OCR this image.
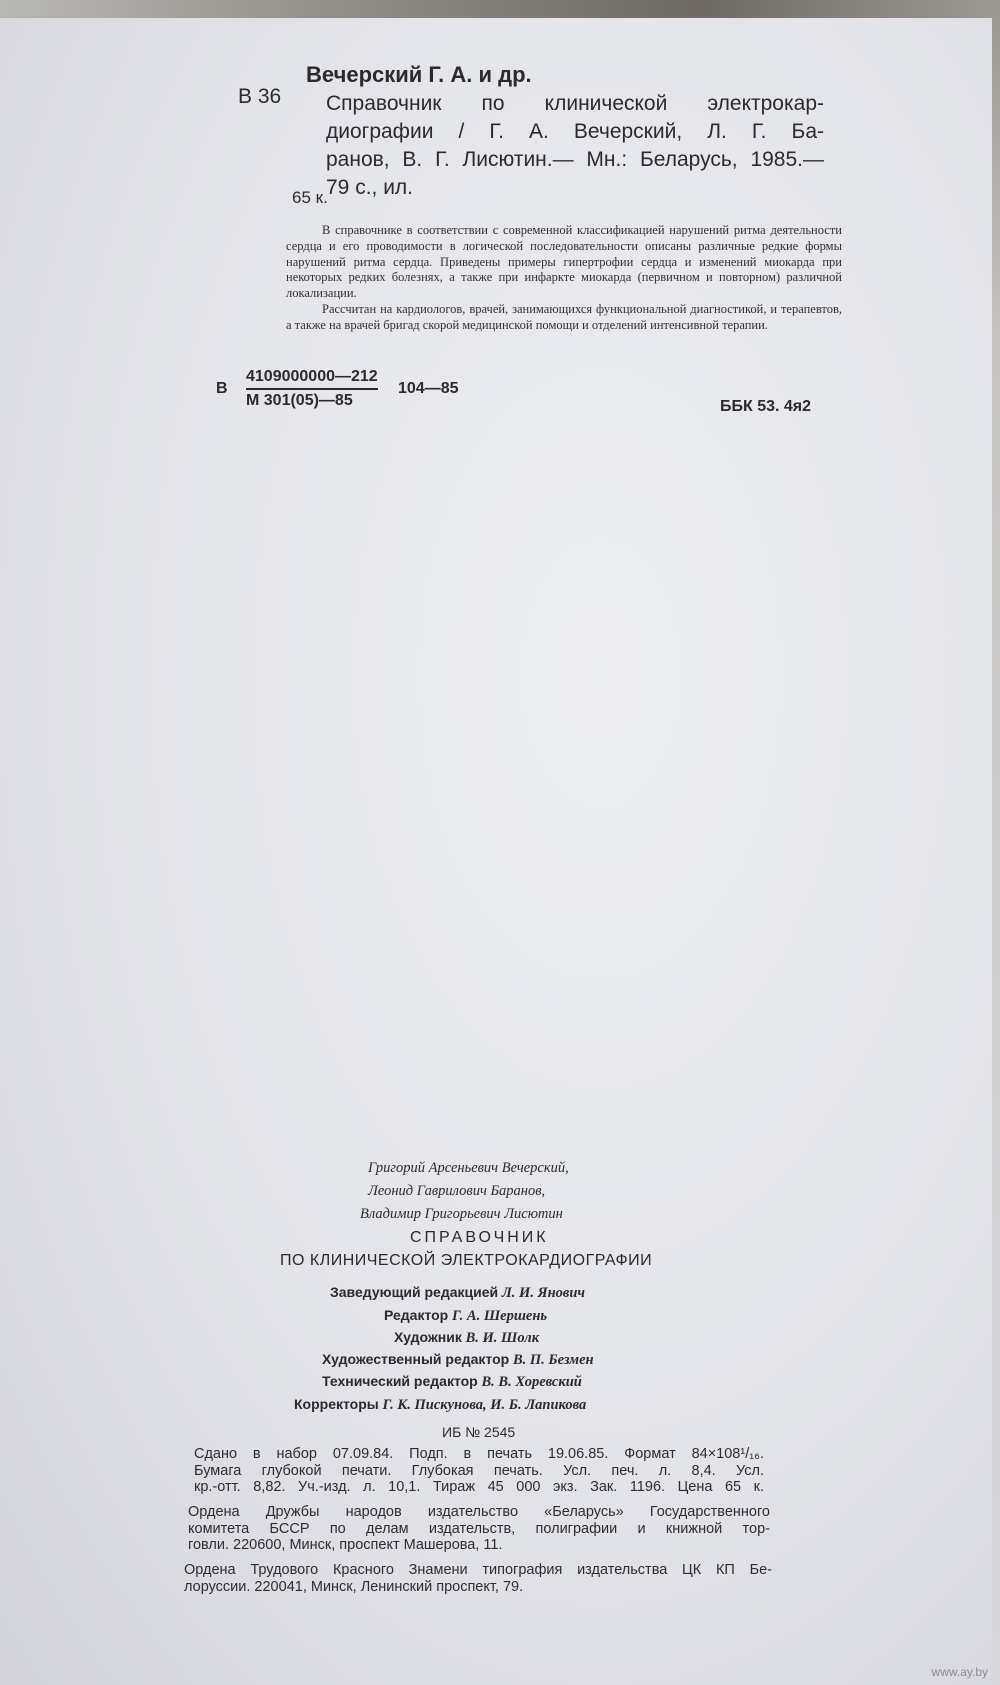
Вечерский Г. А. и др.
В 36 Справочник по клинической электрокар-
диографии / Г. А. Вечерский, Л. Г. Ба-
ранов, В. Г. Лисютин.— Мн.: Беларусь, 1985.—
79 с., ил.
65 к.

В справочнике в соответствии с современной классификацией нарушений ритма деятельности сердца и его проводимости в логической последовательности описаны различные редкие формы нарушений ритма сердца. Приведены примеры гипертрофии сердца и изменений миокарда при некоторых редких болезнях, а также при инфаркте миокарда (первичном и повторном) различной локализации.

Рассчитан на кардиологов, врачей, занимающихся функциональной диагностикой, и терапевтов, а также на врачей бригад скорой медицинской помощи и отделений интенсивной терапии.

В
4109000000—212
М 301(05)—85
104—85
ББК 53. 4я2
Григорий Арсеньевич Вечерский,
Леонид Гаврилович Баранов,
Владимир Григорьевич Лисютин
СПРАВОЧНИК
ПО КЛИНИЧЕСКОЙ ЭЛЕКТРОКАРДИОГРАФИИ
Заведующий редакцией Л. И. Янович
Редактор Г. А. Шершень
Художник В. И. Шолк
Художественный редактор В. П. Безмен
Технический редактор В. В. Хоревский
Корректоры Г. К. Пискунова, И. Б. Лапикова
ИБ № 2545
Сдано в набор 07.09.84. Подп. в печать 19.06.85. Формат 84×108¹/₁₆.
Бумага глубокой печати. Глубокая печать. Усл. печ. л. 8,4. Усл.
кр.-отт. 8,82. Уч.-изд. л. 10,1. Тираж 45 000 экз. Зак. 1196. Цена 65 к.
Ордена Дружбы народов издательство «Беларусь» Государственного
комитета БССР по делам издательств, полиграфии и книжной тор-
говли. 220600, Минск, проспект Машерова, 11.
Ордена Трудового Красного Знамени типография издательства ЦК КП Бе-
лоруссии. 220041, Минск, Ленинский проспект, 79.
www.ay.by
